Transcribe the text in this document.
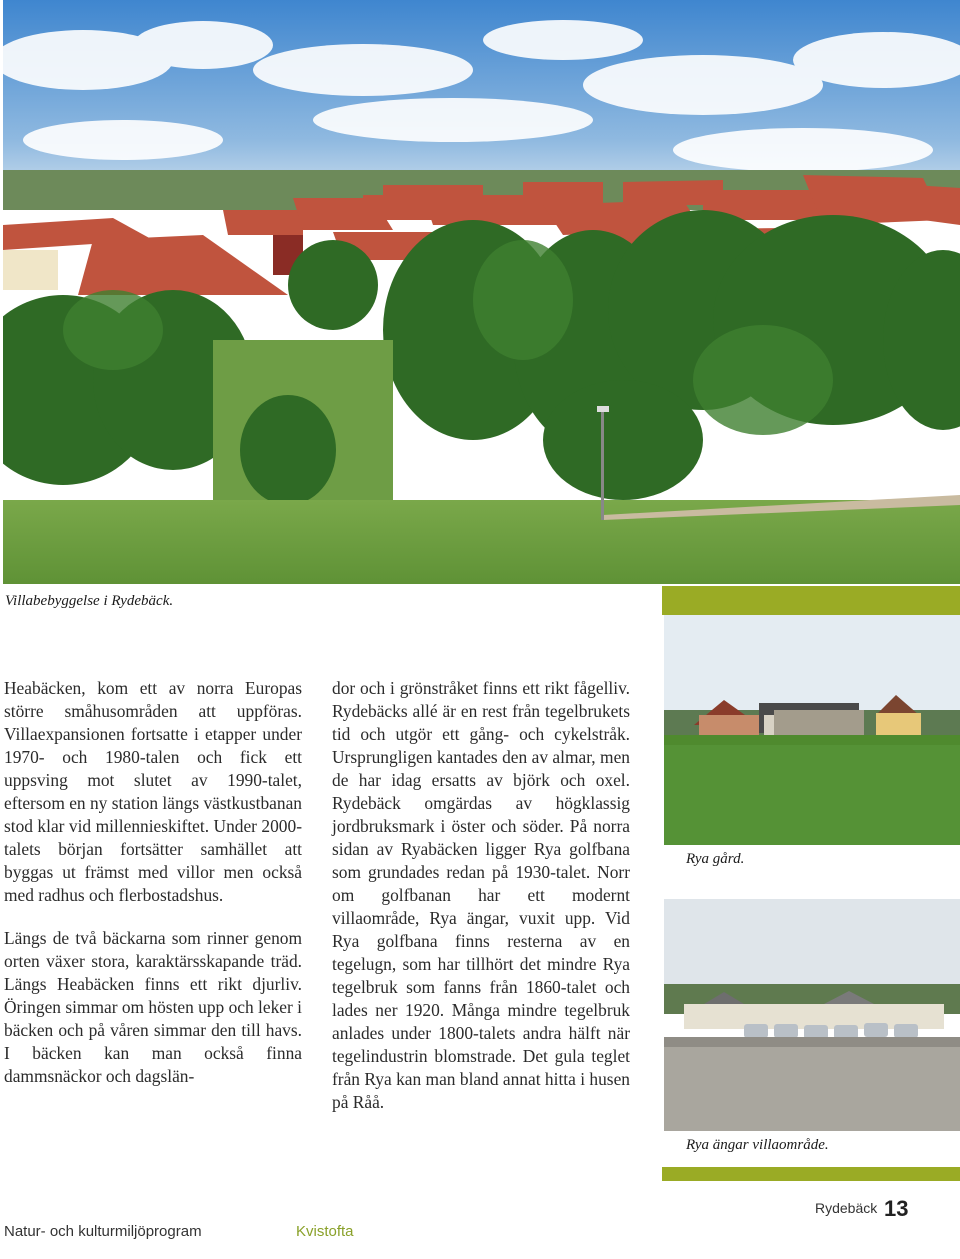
Villabebyggelse i Rydebäck.

Heabäcken, kom ett av norra Europas större småhusområden att uppföras. Villaexpansionen fortsatte i etapper under 1970- och 1980-talen och fick ett uppsving mot slutet av 1990-talet, eftersom en ny station längs västkustbanan stod klar vid millennieskiftet. Under 2000-talets början fortsätter samhället att byggas ut främst med villor men också med radhus och flerbostadshus.

Längs de två bäckarna som rinner genom orten växer stora, karaktärsskapande träd. Längs Heabäcken finns ett rikt djurliv. Öringen simmar om hösten upp och leker i bäcken och på våren simmar den till havs. I bäcken kan man också finna dammsnäckor och dagslän-

dor och i grönstråket finns ett rikt fågelliv. Rydebäcks allé är en rest från tegelbrukets tid och utgör ett gång- och cykelstråk. Ursprungligen kantades den av almar, men de har idag ersatts av björk och oxel. Rydebäck omgärdas av högklassig jordbruksmark i öster och söder. På norra sidan av Ryabäcken ligger Rya golfbana som grundades redan på 1930-talet. Norr om golfbanan har ett modernt villaområde, Rya ängar, vuxit upp. Vid Rya golfbana finns resterna av en tegelugn, som har tillhört det mindre Rya tegelbruk som fanns från 1860-talet och lades ner 1920. Många mindre tegelbruk anlades under 1800-talets andra hälft när tegelindustrin blomstrade. Det gula teglet från Rya kan man bland annat hitta i husen på Råå.

Rya gård.
Rya ängar villaområde.
Natur- och kulturmiljöprogram	Kvistofta
Rydebäck 13
